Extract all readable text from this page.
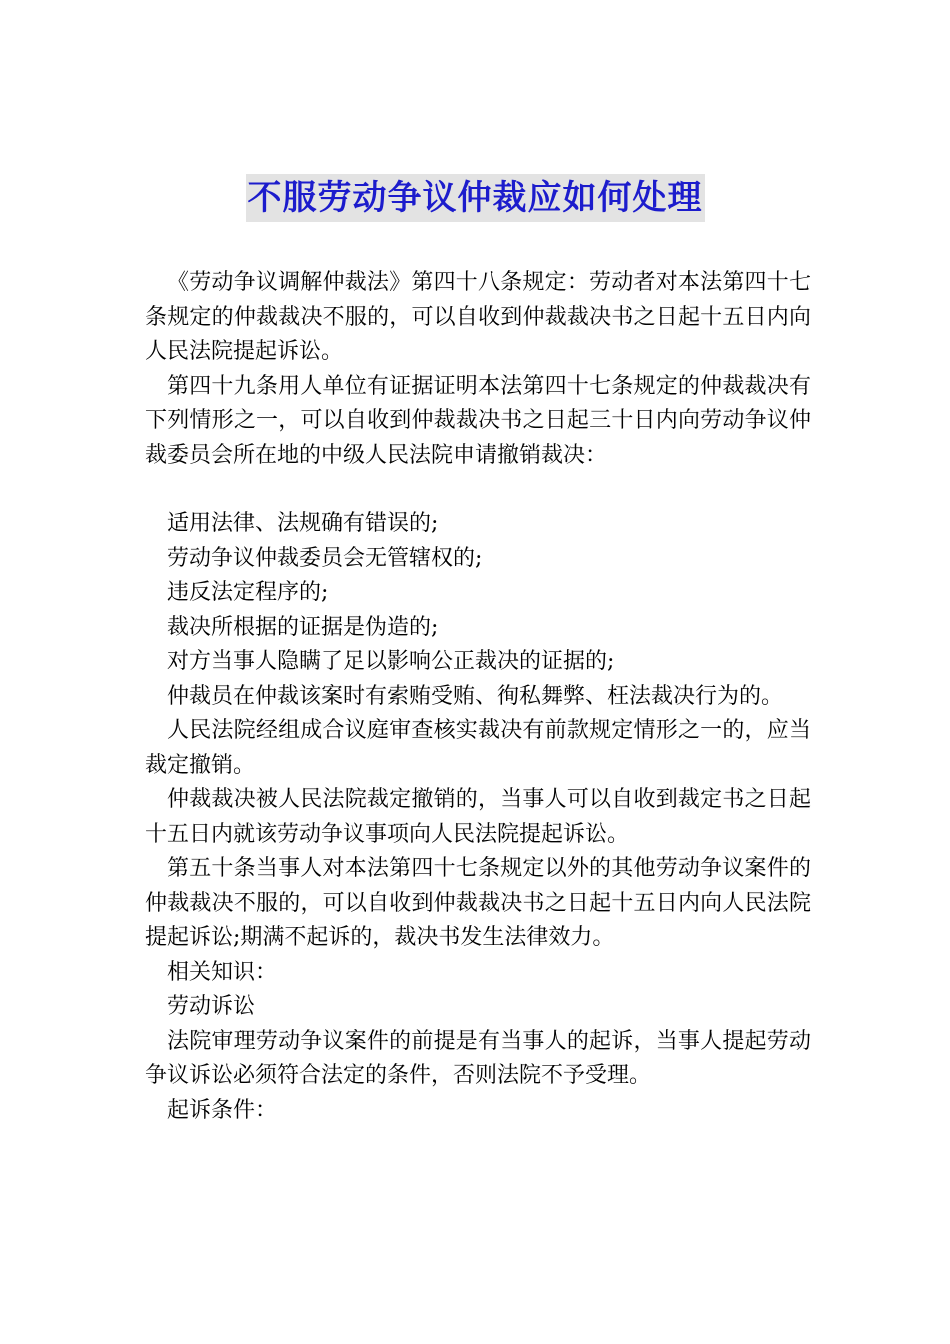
不服劳动争议仲裁应如何处理

《劳动争议调解仲裁法》第四十八条规定：劳动者对本法第四十七条规定的仲裁裁决不服的，可以自收到仲裁裁决书之日起十五日内向人民法院提起诉讼。

第四十九条用人单位有证据证明本法第四十七条规定的仲裁裁决有下列情形之一，可以自收到仲裁裁决书之日起三十日内向劳动争议仲裁委员会所在地的中级人民法院申请撤销裁决：

适用法律、法规确有错误的;

劳动争议仲裁委员会无管辖权的;

违反法定程序的;

裁决所根据的证据是伪造的;

对方当事人隐瞒了足以影响公正裁决的证据的;

仲裁员在仲裁该案时有索贿受贿、徇私舞弊、枉法裁决行为的。

人民法院经组成合议庭审查核实裁决有前款规定情形之一的，应当裁定撤销。

仲裁裁决被人民法院裁定撤销的，当事人可以自收到裁定书之日起十五日内就该劳动争议事项向人民法院提起诉讼。

第五十条当事人对本法第四十七条规定以外的其他劳动争议案件的仲裁裁决不服的，可以自收到仲裁裁决书之日起十五日内向人民法院提起诉讼;期满不起诉的，裁决书发生法律效力。

相关知识：

劳动诉讼

法院审理劳动争议案件的前提是有当事人的起诉，当事人提起劳动争议诉讼必须符合法定的条件，否则法院不予受理。

起诉条件：
